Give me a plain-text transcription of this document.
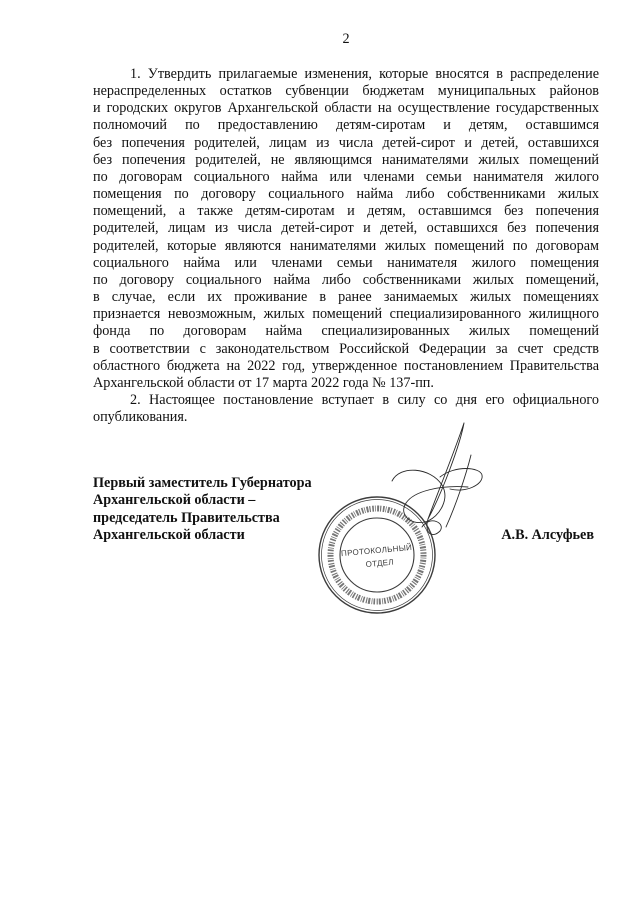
2
1. Утвердить прилагаемые изменения, которые вносятся в распределение
нераспределенных остатков субвенции бюджетам муниципальных районов
и городских округов Архангельской области на осуществление государственных
полномочий по предоставлению детям-сиротам и детям, оставшимся
без попечения родителей, лицам из числа детей-сирот и детей, оставшихся
без попечения родителей, не являющимся нанимателями жилых помещений
по договорам социального найма или членами семьи нанимателя жилого
помещения по договору социального найма либо собственниками жилых
помещений, а также детям-сиротам и детям, оставшимся без попечения
родителей, лицам из числа детей-сирот и детей, оставшихся без попечения
родителей, которые являются нанимателями жилых помещений по договорам
социального найма или членами семьи нанимателя жилого помещения
по договору социального найма либо собственниками жилых помещений,
в случае, если их проживание в ранее занимаемых жилых помещениях
признается невозможным, жилых помещений специализированного жилищного
фонда по договорам найма специализированных жилых помещений
в соответствии с законодательством Российской Федерации за счет средств
областного бюджета на 2022 год, утвержденное постановлением Правительства
Архангельской области от 17 марта 2022 года № 137-пп.
2. Настоящее постановление вступает в силу со дня его официального
опубликования.
Первый заместитель Губернатора
Архангельской области –
председатель Правительства
Архангельской области	А.В. Алсуфьев
ПРОТОКОЛЬНЫЙ
ОТДЕЛ
